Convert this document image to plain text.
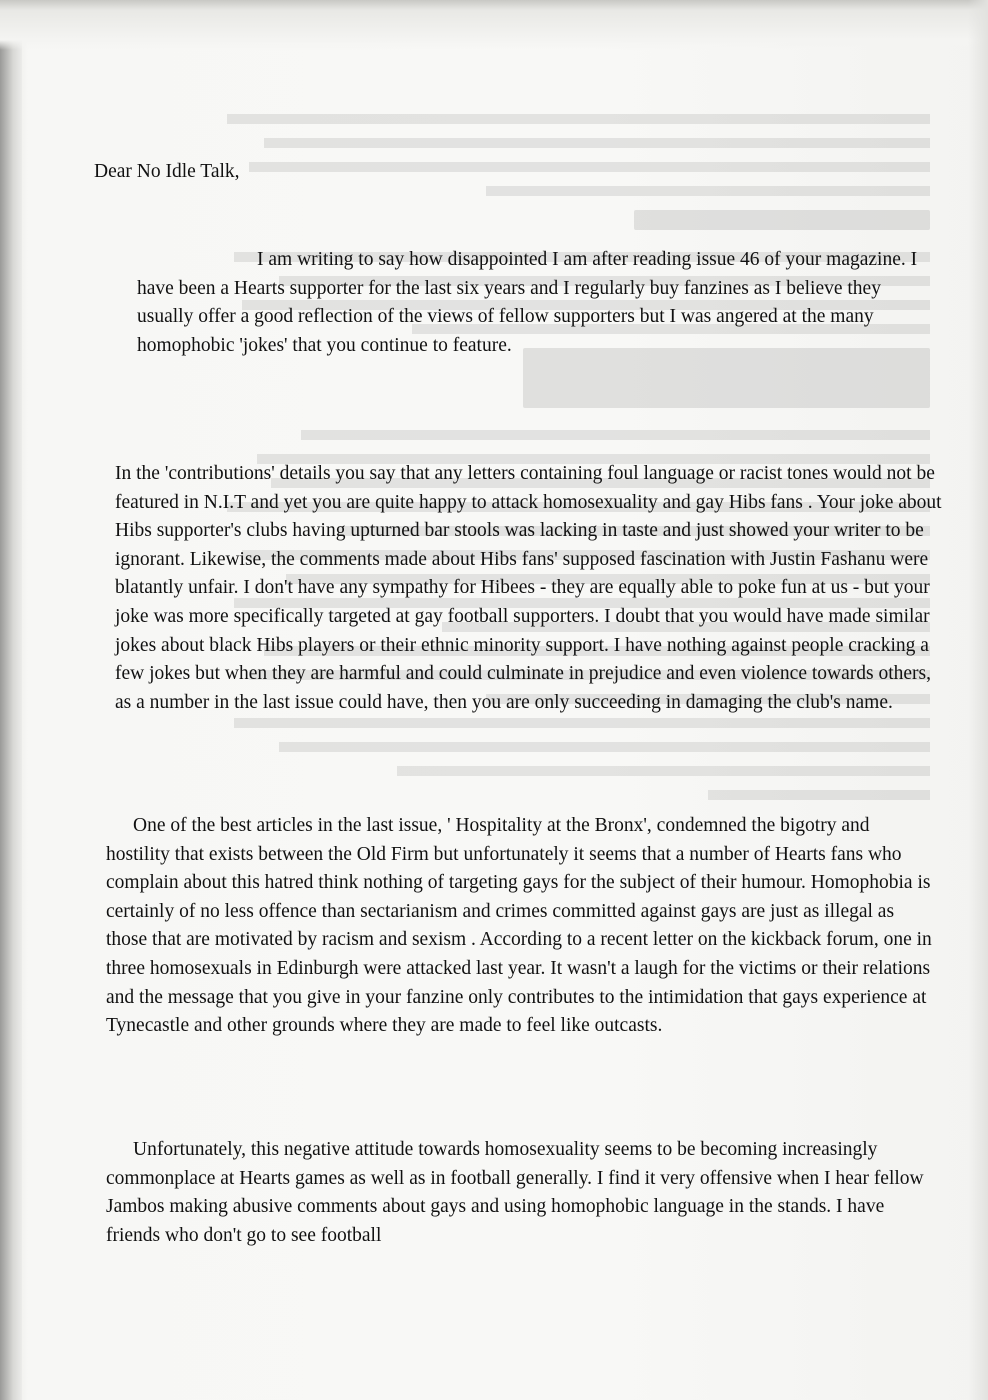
Dear No Idle Talk,

I am writing to say how disappointed I am after reading issue 46 of your magazine. I have been a Hearts supporter for the last six years and I regularly buy fanzines as I believe they usually offer a good reflection of the views of fellow supporters but I was angered at the many homophobic 'jokes' that you continue to feature.

In the 'contributions' details you say that any letters containing foul language or racist tones would not be featured in N.I.T and yet you are quite happy to attack homosexuality and gay Hibs fans . Your joke about Hibs supporter's clubs having upturned bar stools was lacking in taste and just showed your writer to be ignorant. Likewise, the comments made about Hibs fans' supposed fascination with Justin Fashanu were blatantly unfair. I don't have any sympathy for Hibees - they are equally able to poke fun at us - but your joke was more specifically targeted at gay football supporters. I doubt that you would have made similar jokes about black Hibs players or their ethnic minority support. I have nothing against people cracking a few jokes but when they are harmful and could culminate in prejudice and even violence towards others, as a number in the last issue could have, then you are only succeeding in damaging the club's name.

One of the best articles in the last issue, ' Hospitality at the Bronx', condemned the bigotry and hostility that exists between the Old Firm but unfortunately it seems that a number of Hearts fans who complain about this hatred think nothing of targeting gays for the subject of their humour. Homophobia is certainly of no less offence than sectarianism and crimes committed against gays are just as illegal as those that are motivated by racism and sexism . According to a recent letter on the kickback forum, one in three homosexuals in Edinburgh were attacked last year. It wasn't a laugh for the victims or their relations and the message that you give in your fanzine only contributes to the intimidation that gays experience at Tynecastle and other grounds where they are made to feel like outcasts.

Unfortunately, this negative attitude towards homosexuality seems to be becoming increasingly commonplace at Hearts games as well as in football generally. I find it very offensive when I hear fellow Jambos making abusive comments about gays and using homophobic language in the stands. I have friends who don't go to see football
